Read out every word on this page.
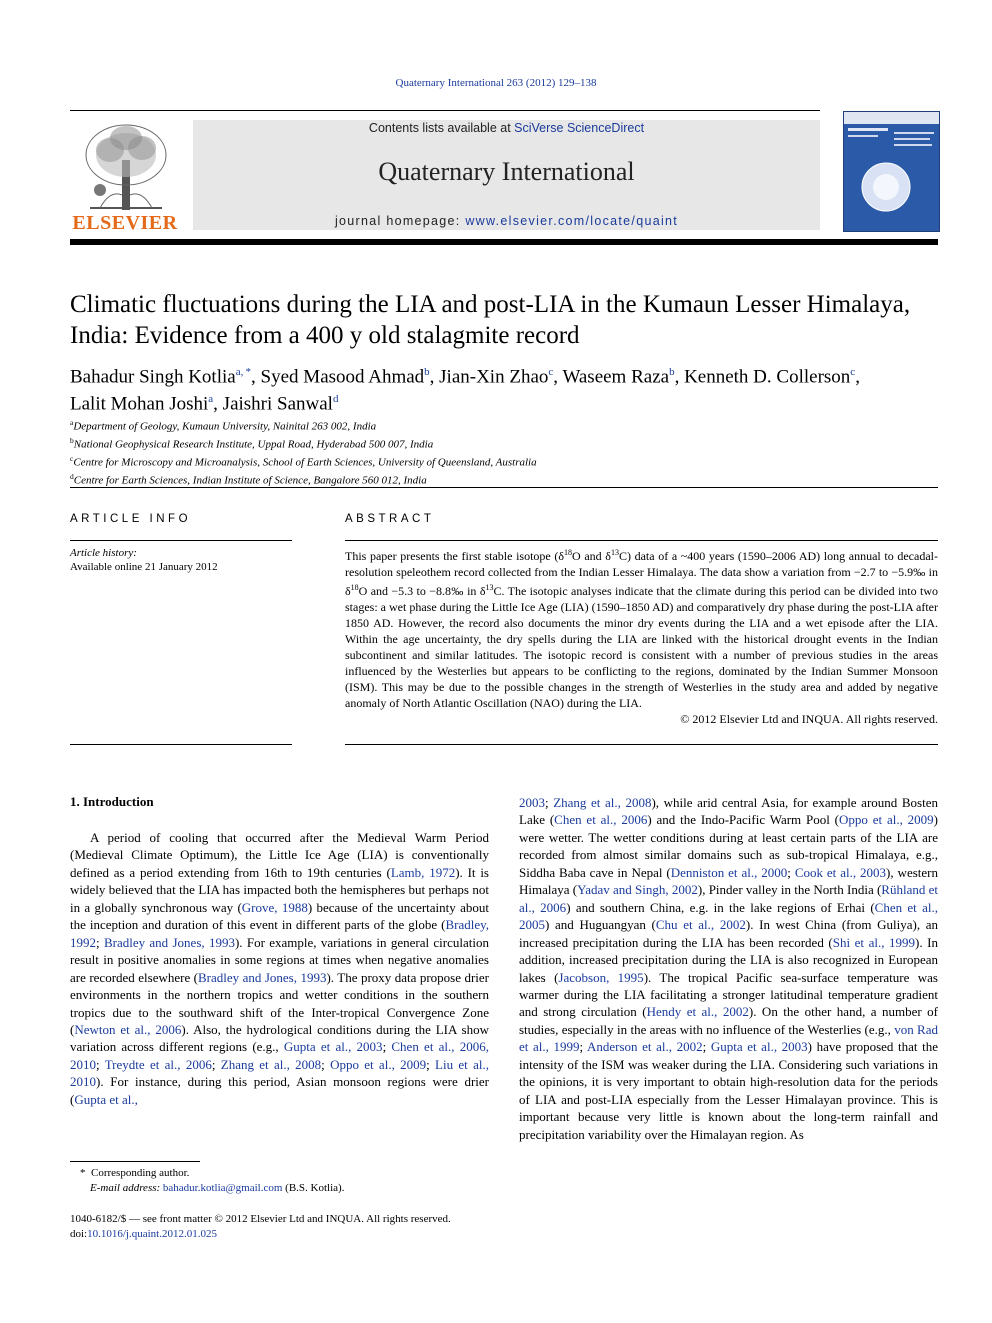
Quaternary International 263 (2012) 129–138
ELSEVIER
Contents lists available at SciVerse ScienceDirect
Quaternary International
journal homepage: www.elsevier.com/locate/quaint
Climatic fluctuations during the LIA and post-LIA in the Kumaun Lesser Himalaya, India: Evidence from a 400 y old stalagmite record
Bahadur Singh Kotlia$^{a, *}$, Syed Masood Ahmad$^b$, Jian-Xin Zhao$^c$, Waseem Raza$^b$, Kenneth D. Collerson$^c$,
Lalit Mohan Joshi$^a$, Jaishri Sanwal$^d$
$^a$Department of Geology, Kumaun University, Nainital 263 002, India
$^b$National Geophysical Research Institute, Uppal Road, Hyderabad 500 007, India
$^c$Centre for Microscopy and Microanalysis, School of Earth Sciences, University of Queensland, Australia
$^d$Centre for Earth Sciences, Indian Institute of Science, Bangalore 560 012, India
ARTICLE INFO
Article history:
Available online 21 January 2012
ABSTRACT
This paper presents the first stable isotope ($\delta^{18}O$ and $\delta^{13}C$) data of a ~400 years (1590–2006 AD) long annual to decadal-resolution speleothem record collected from the Indian Lesser Himalaya. The data show a variation from −2.7 to −5.9‰ in $\delta^{18}O$ and −5.3 to −8.8‰ in $\delta^{13}C$. The isotopic analyses indicate that the climate during this period can be divided into two stages: a wet phase during the Little Ice Age (LIA) (1590–1850 AD) and comparatively dry phase during the post-LIA after 1850 AD. However, the record also documents the minor dry events during the LIA and a wet episode after the LIA. Within the age uncertainty, the dry spells during the LIA are linked with the historical drought events in the Indian subcontinent and similar latitudes. The isotopic record is consistent with a number of previous studies in the areas influenced by the Westerlies but appears to be conflicting to the regions, dominated by the Indian Summer Monsoon (ISM). This may be due to the possible changes in the strength of Westerlies in the study area and added by negative anomaly of North Atlantic Oscillation (NAO) during the LIA.
© 2012 Elsevier Ltd and INQUA. All rights reserved.
1. Introduction

A period of cooling that occurred after the Medieval Warm Period (Medieval Climate Optimum), the Little Ice Age (LIA) is conventionally defined as a period extending from 16th to 19th centuries (Lamb, 1972). It is widely believed that the LIA has impacted both the hemispheres but perhaps not in a globally synchronous way (Grove, 1988) because of the uncertainty about the inception and duration of this event in different parts of the globe (Bradley, 1992; Bradley and Jones, 1993). For example, variations in general circulation result in positive anomalies in some regions at times when negative anomalies are recorded elsewhere (Bradley and Jones, 1993). The proxy data propose drier environments in the northern tropics and wetter conditions in the southern tropics due to the southward shift of the Inter-tropical Convergence Zone (Newton et al., 2006). Also, the hydrological conditions during the LIA show variation across different regions (e.g., Gupta et al., 2003; Chen et al., 2006, 2010; Treydte et al., 2006; Zhang et al., 2008; Oppo et al., 2009; Liu et al., 2010). For instance, during this period, Asian monsoon regions were drier (Gupta et al.,

2003; Zhang et al., 2008), while arid central Asia, for example around Bosten Lake (Chen et al., 2006) and the Indo-Pacific Warm Pool (Oppo et al., 2009) were wetter. The wetter conditions during at least certain parts of the LIA are recorded from almost similar domains such as sub-tropical Himalaya, e.g., Siddha Baba cave in Nepal (Denniston et al., 2000; Cook et al., 2003), western Himalaya (Yadav and Singh, 2002), Pinder valley in the North India (Rühland et al., 2006) and southern China, e.g. in the lake regions of Erhai (Chen et al., 2005) and Huguangyan (Chu et al., 2002). In west China (from Guliya), an increased precipitation during the LIA has been recorded (Shi et al., 1999). In addition, increased precipitation during the LIA is also recognized in European lakes (Jacobson, 1995). The tropical Pacific sea-surface temperature was warmer during the LIA facilitating a stronger latitudinal temperature gradient and strong circulation (Hendy et al., 2002). On the other hand, a number of studies, especially in the areas with no influence of the Westerlies (e.g., von Rad et al., 1999; Anderson et al., 2002; Gupta et al., 2003) have proposed that the intensity of the ISM was weaker during the LIA. Considering such variations in the opinions, it is very important to obtain high-resolution data for the periods of LIA and post-LIA especially from the Lesser Himalayan province. This is important because very little is known about the long-term rainfall and precipitation variability over the Himalayan region. As

* Corresponding author.
E-mail address: bahadur.kotlia@gmail.com (B.S. Kotlia).
1040-6182/$ — see front matter © 2012 Elsevier Ltd and INQUA. All rights reserved.
doi:10.1016/j.quaint.2012.01.025
